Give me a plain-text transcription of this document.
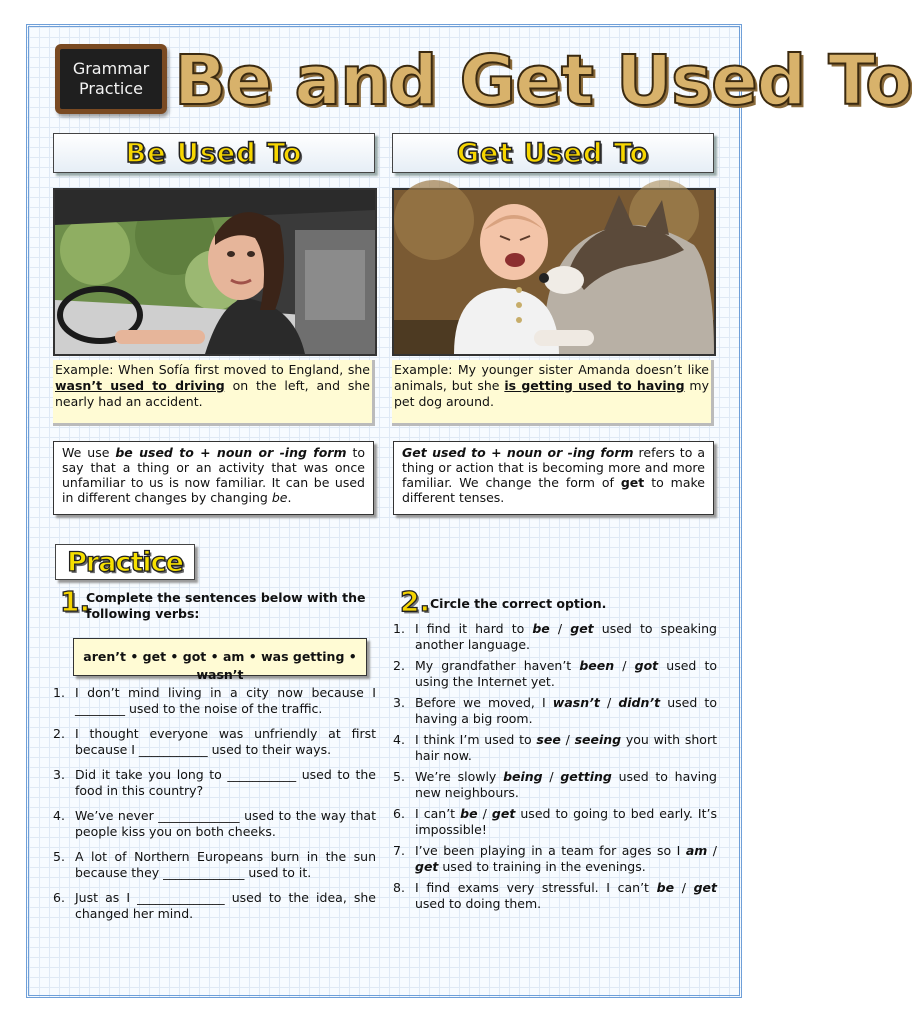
Grammar
Practice Be and Get Used To
Be Used To	Get Used To
Example: When Sofía first moved to England, she wasn’t used to driving on the left, and she nearly had an accident.
Example: My younger sister Amanda doesn’t like animals, but she is getting used to having my pet dog around.
We use be used to + noun or -ing form to say that a thing or an activity that was once unfamiliar to us is now familiar. It can be used in different changes by changing be.
Get used to + noun or -ing form refers to a thing or action that is becoming more and more familiar. We change the form of get to make different tenses.
Practice
1.
Complete the sentences below with the following verbs:
aren’t • get • got • am • was getting • wasn’t
1. I don’t mind living in a city now because I ________ used to the noise of the traffic.
2. I thought everyone was unfriendly at first because I ___________ used to their ways.
3. Did it take you long to ___________ used to the food in this country?
4. We’ve never _____________ used to the way that people kiss you on both cheeks.
5. A lot of Northern Europeans burn in the sun because they _____________ used to it.
6. Just as I ______________ used to the idea, she changed her mind.
2. Circle the correct option.
1. I find it hard to be / get used to speaking another language.
2. My grandfather haven’t been / got used to using the Internet yet.
3. Before we moved, I wasn’t / didn’t used to having a big room.
4. I think I’m used to see / seeing you with short hair now.
5. We’re slowly being / getting used to having new neighbours.
6. I can’t be / get used to going to bed early. It’s impossible!
7. I’ve been playing in a team for ages so I am / get used to training in the evenings.
8. I find exams very stressful. I can’t be / get used to doing them.
